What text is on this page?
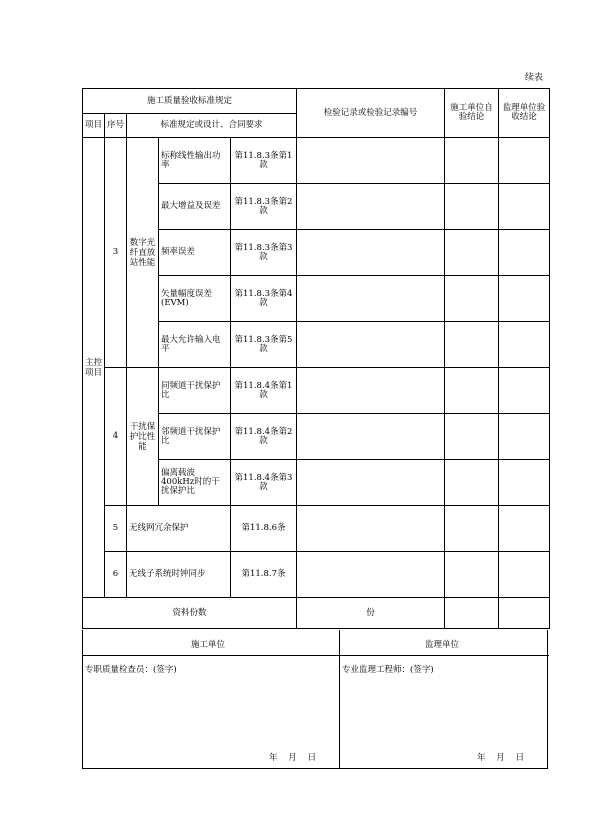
续表
施工质量验收标准规定					检验记录或检验记录编号	施工单位自验结论	监理单位验收结论
项目	序号	标准规定或设计、合同要求					
主控项目	3	数字光纤直放站性能	标称线性输出功率	第11.8.3条第1款			
			最大增益及误差	第11.8.3条第2款			
			频率误差	第11.8.3条第3款			
			矢量幅度误差(EVM)	第11.8.3条第4款			
			最大允许输入电平	第11.8.3条第5款			
	4	干扰保护比性能	同频道干扰保护比	第11.8.4条第1款			
			邻频道干扰保护比	第11.8.4条第2款			
			偏离载波400kHz时的干扰保护比	第11.8.4条第3款			
	5	无线网冗余保护		第11.8.6条			
	6	无线子系统时钟同步		第11.8.7条			
资料份数					份		
施工单位	监理单位
专职质量检查员：(签字)	专业监理工程师：(签字)
年    月    日	年    月    日
